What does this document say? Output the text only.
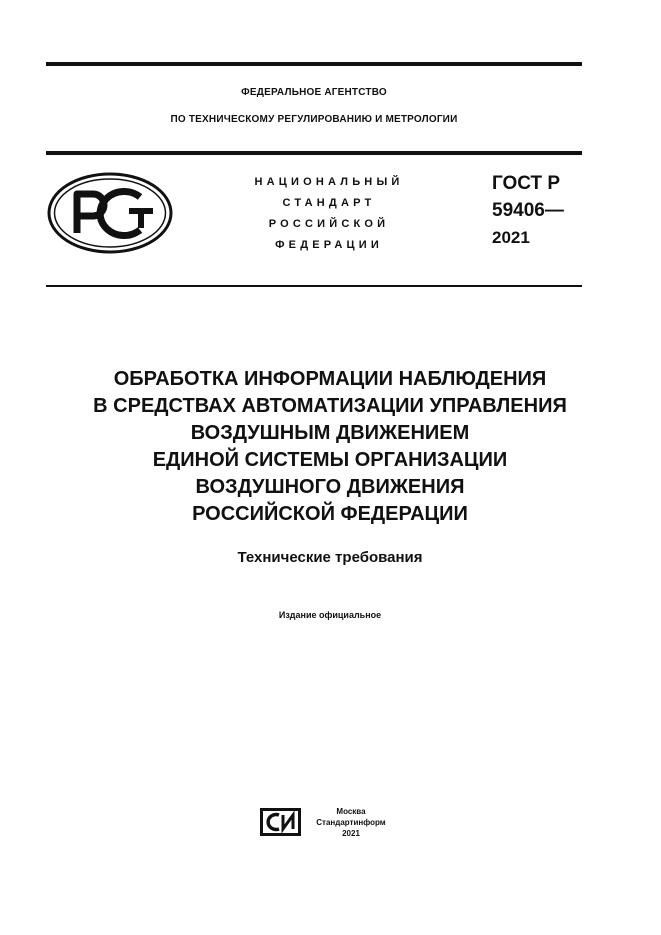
ФЕДЕРАЛЬНОЕ АГЕНТСТВО
ПО ТЕХНИЧЕСКОМУ РЕГУЛИРОВАНИЮ И МЕТРОЛОГИИ
НАЦИОНАЛЬНЫЙ
СТАНДАРТ
РОССИЙСКОЙ
ФЕДЕРАЦИИ
ГОСТ Р
59406—
2021
ОБРАБОТКА ИНФОРМАЦИИ НАБЛЮДЕНИЯ
В СРЕДСТВАХ АВТОМАТИЗАЦИИ УПРАВЛЕНИЯ
ВОЗДУШНЫМ ДВИЖЕНИЕМ
ЕДИНОЙ СИСТЕМЫ ОРГАНИЗАЦИИ
ВОЗДУШНОГО ДВИЖЕНИЯ
РОССИЙСКОЙ ФЕДЕРАЦИИ
Технические требования
Издание официальное
Москва
Стандартинформ
2021
